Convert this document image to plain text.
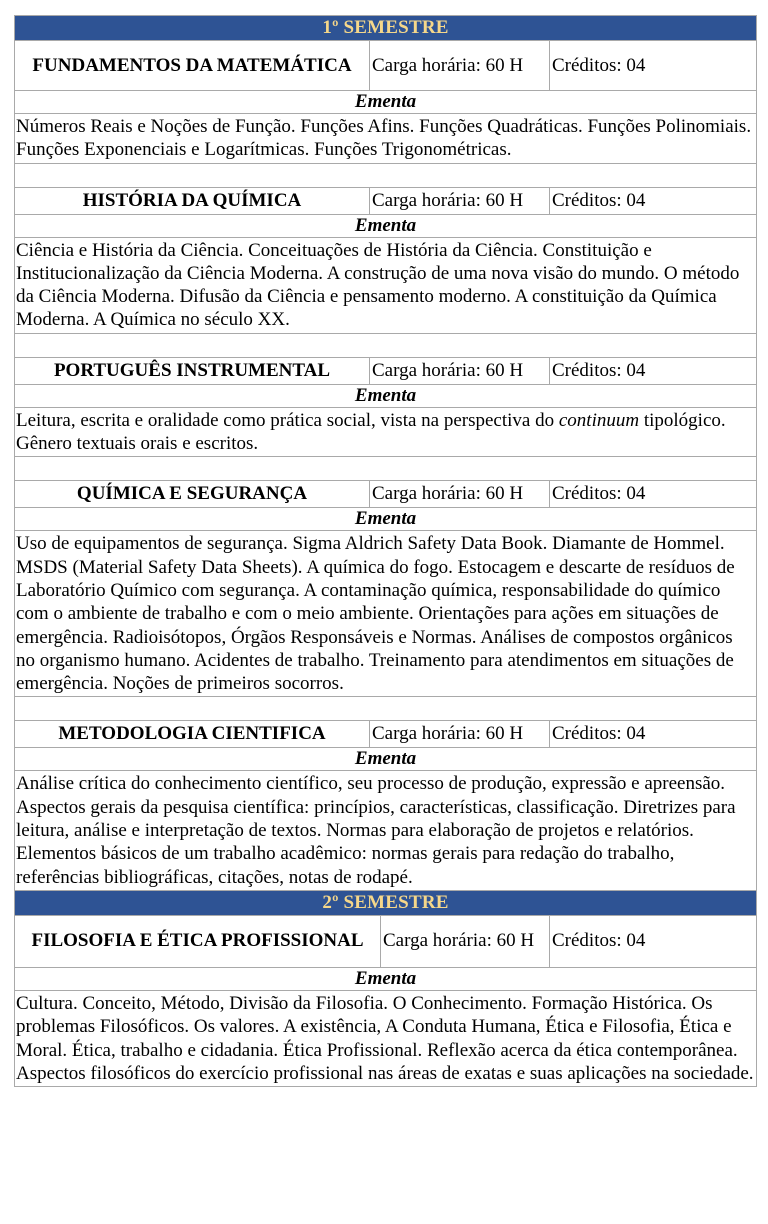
1º SEMESTRE		
FUNDAMENTOS DA MATEMÁTICA	Carga horária: 60 H	Créditos: 04
Ementa		
Números Reais e Noções de Função. Funções Afins. Funções Quadráticas. Funções Polinomiais. Funções Exponenciais e Logarítmicas. Funções Trigonométricas.		

HISTÓRIA DA QUÍMICA	Carga horária: 60 H	Créditos: 04
Ementa		
Ciência e História da Ciência. Conceituações de História da Ciência. Constituição e Institucionalização da Ciência Moderna. A construção de uma nova visão do mundo. O método da Ciência Moderna. Difusão da Ciência e pensamento moderno. A constituição da Química Moderna. A Química no século XX.		

PORTUGUÊS INSTRUMENTAL	Carga horária: 60 H	Créditos: 04
Ementa		
Leitura, escrita e oralidade como prática social, vista na perspectiva do continuum tipológico. Gênero textuais orais e escritos.		

QUÍMICA E SEGURANÇA	Carga horária: 60 H	Créditos: 04
Ementa		
Uso de equipamentos de segurança. Sigma Aldrich Safety Data Book. Diamante de Hommel. MSDS (Material Safety Data Sheets). A química do fogo. Estocagem e descarte de resíduos de Laboratório Químico com segurança. A contaminação química, responsabilidade do químico com o ambiente de trabalho e com o meio ambiente. Orientações para ações em situações de emergência. Radioisótopos, Órgãos Responsáveis e Normas. Análises de compostos orgânicos no organismo humano. Acidentes de trabalho. Treinamento para atendimentos em situações de emergência. Noções de primeiros socorros.		

METODOLOGIA CIENTIFICA	Carga horária: 60 H	Créditos: 04
Ementa		
Análise crítica do conhecimento científico, seu processo de produção, expressão e apreensão. Aspectos gerais da pesquisa científica: princípios, características, classificação. Diretrizes para leitura, análise e interpretação de textos. Normas para elaboração de projetos e relatórios. Elementos básicos de um trabalho acadêmico: normas gerais para redação do trabalho, referências bibliográficas, citações, notas de rodapé.		
2º SEMESTRE
FILOSOFIA E ÉTICA PROFISSIONAL	Carga horária: 60 H	Créditos: 04
Ementa
Cultura. Conceito, Método, Divisão da Filosofia. O Conhecimento. Formação Histórica. Os problemas Filosóficos. Os valores. A existência, A Conduta Humana, Ética e Filosofia, Ética e Moral. Ética, trabalho e cidadania. Ética Profissional. Reflexão acerca da ética contemporânea. Aspectos filosóficos do exercício profissional nas áreas de exatas e suas aplicações na sociedade.
